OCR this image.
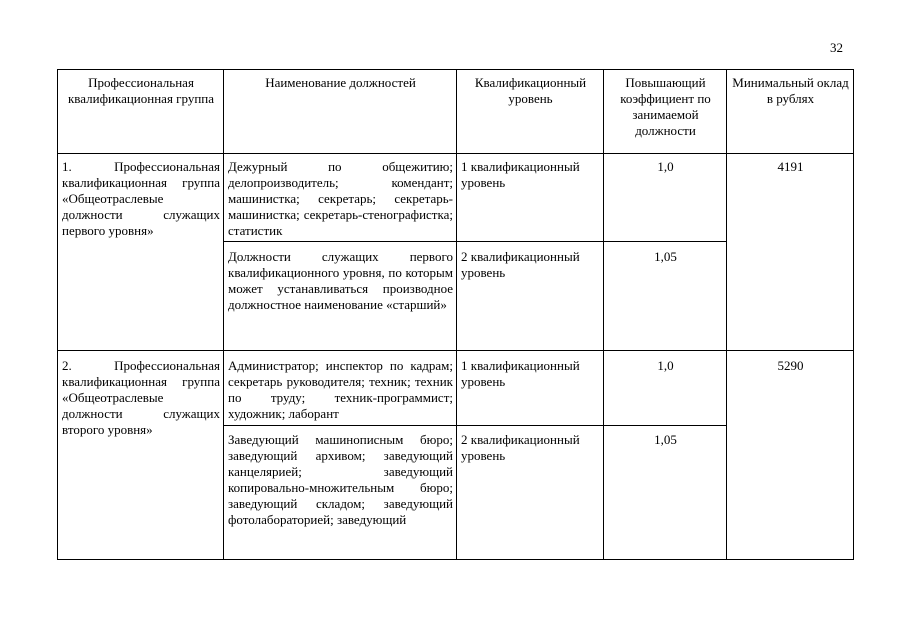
32
Профессиональная квалификационная группа	Наименование должностей	Квалификационный уровень	Повышающий коэффициент по занимаемой должности	Минимальный оклад в рублях
1. Профессиональная квалификационная группа «Общеотраслевые должности служащих первого уровня»	Дежурный по общежитию; делопроизводитель; комендант; машинистка; секретарь; секретарь-машинистка; секретарь-стенографистка; статистик	1 квалификационный уровень	1,0	4191
	Должности служащих первого квалификационного уровня, по которым может устанавливаться производное должностное наименование «старший»	2 квалификационный уровень	1,05	
2. Профессиональная квалификационная группа «Общеотраслевые должности служащих второго уровня»	Администратор; инспектор по кадрам; секретарь руководителя; техник; техник по труду; техник-программист; художник; лаборант	1 квалификационный уровень	1,0	5290
	Заведующий машинописным бюро; заведующий архивом; заведующий канцелярией; заведующий копировально-множительным бюро; заведующий складом; заведующий фотолабораторией; заведующий	2 квалификационный уровень	1,05	
